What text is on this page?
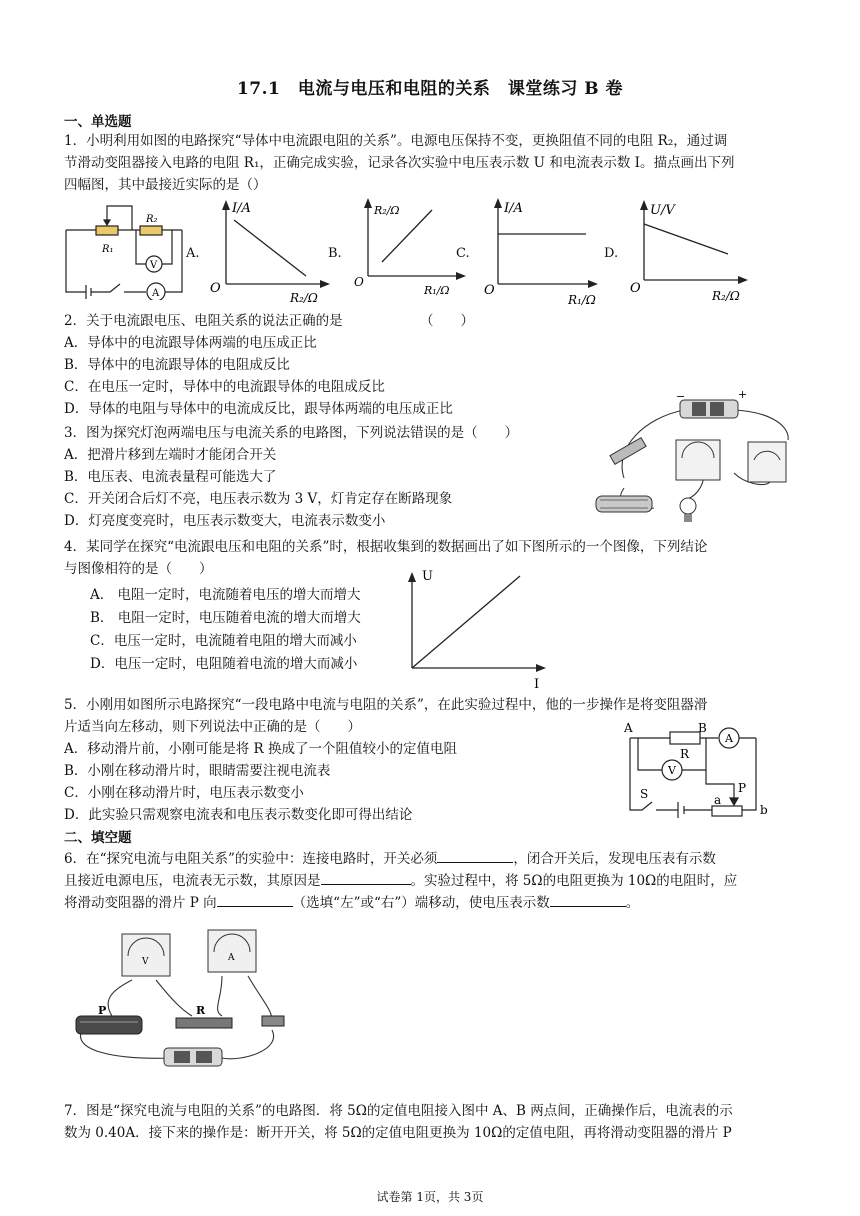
17.1　电流与电压和电阻的关系　课堂练习 B 卷
一、单选题
1．小明利用如图的电路探究“导体中电流跟电阻的关系”。电源电压保持不变，更换阻值不同的电阻 R₂，通过调
节滑动变阻器接入电路的电阻 R₁，正确完成实验，记录各次实验中电压表示数 U 和电流表示数 I。描点画出下列
四幅图，其中最接近实际的是（）
R₁
R₂
V
A
A.	B.	C.	D.
I/A
O
R₂/Ω
R₂/Ω
O
R₁/Ω
I/A
O
R₁/Ω
U/V
O	R₂/Ω
2．关于电流跟电压、电阻关系的说法正确的是	（　　）
A．导体中的电流跟导体两端的电压成正比
B．导体中的电流跟导体的电阻成反比
C．在电压一定时，导体中的电流跟导体的电阻成反比
D．导体的电阻与导体中的电流成反比，跟导体两端的电压成正比
3．图为探究灯泡两端电压与电流关系的电路图，下列说法错误的是（　　）
A．把滑片移到左端时才能闭合开关
B．电压表、电流表量程可能选大了
C．开关闭合后灯不亮，电压表示数为 3 V，灯肯定存在断路现象
D．灯亮度变亮时，电压表示数变大，电流表示数变小
−	+
4．某同学在探究“电流跟电压和电阻的关系”时，根据收集到的数据画出了如下图所示的一个图像，下列结论
与图像相符的是（　　）
A． 电阻一定时，电流随着电压的增大而增大
B． 电阻一定时，电压随着电流的增大而增大
C．电压一定时，电流随着电阻的增大而减小
D．电压一定时，电阻随着电流的增大而减小
U
I
5．小刚用如图所示电路探究“一段电路中电流与电阻的关系”，在此实验过程中，他的一步操作是将变阻器滑
片适当向左移动，则下列说法中正确的是（　　）
A．移动滑片前，小刚可能是将 R 换成了一个阻值较小的定值电阻
B．小刚在移动滑片时，眼睛需要注视电流表
C．小刚在移动滑片时，电压表示数变小
D．此实验只需观察电流表和电压表示数变化即可得出结论
A	B
R
V
A
P
S	a
b
二、填空题
6．在“探究电流与电阻关系”的实验中：连接电路时，开关必须	，闭合开关后，发现电压表有示数
且接近电源电压，电流表无示数，其原因是	。实验过程中，将 5Ω的电阻更换为 10Ω的电阻时，应
将滑动变阻器的滑片 P 向	（选填“左”或“右”）端移动，使电压表示数	。
V	A
P	R
7．图是“探究电流与电阻的关系”的电路图．将 5Ω的定值电阻接入图中 A、B 两点间，正确操作后，电流表的示
数为 0.40A．接下来的操作是：断开开关，将 5Ω的定值电阻更换为 10Ω的定值电阻，再将滑动变阻器的滑片 P
试卷第 1页，共 3页
